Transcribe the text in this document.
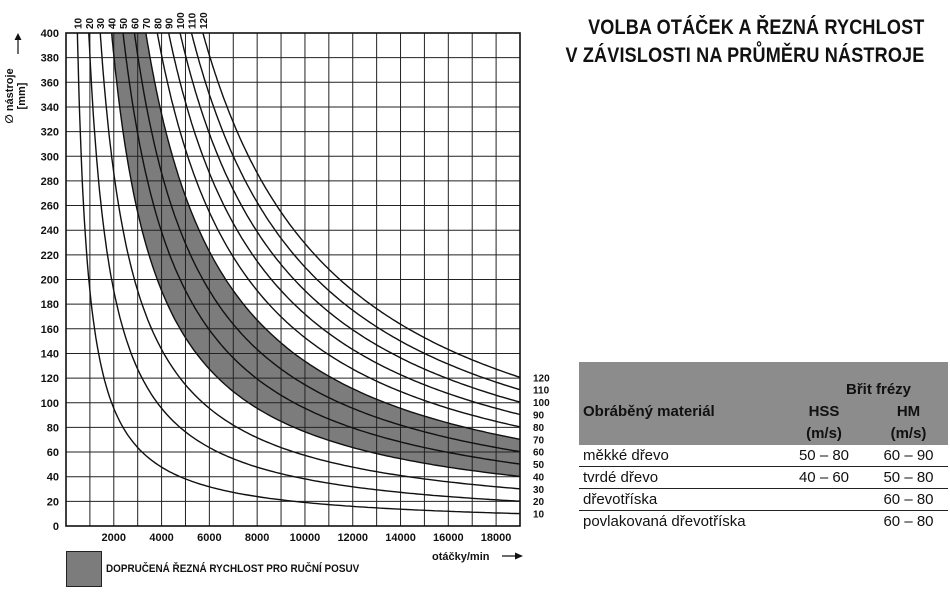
0
20
40
60
80
100
120
140
160
180
200
220
240
260
280
300
320
340
360
380
400
2000 4000 6000 8000 10000 12000 14000 16000 18000
10 20 30 40 50 60 70 80 90 100 110 120
10
20
30
40
50
60
70
80
90
100
110
120
∅ nástroje [mm]
otáčky/min
VOLBA OTÁČEK A ŘEZNÁ RYCHLOST
V ZÁVISLOSTI NA PRŮMĚRU NÁSTROJE
	Břit frézy	
Obráběný materiál	HSS	HM
	(m/s)	(m/s)
měkké dřevo	50 – 80	60 – 90
tvrdé dřevo	40 – 60	50 – 80
dřevotříska		60 – 80
povlakovaná dřevotříska		60 – 80
DOPRUČENÁ ŘEZNÁ RYCHLOST PRO RUČNÍ POSUV
